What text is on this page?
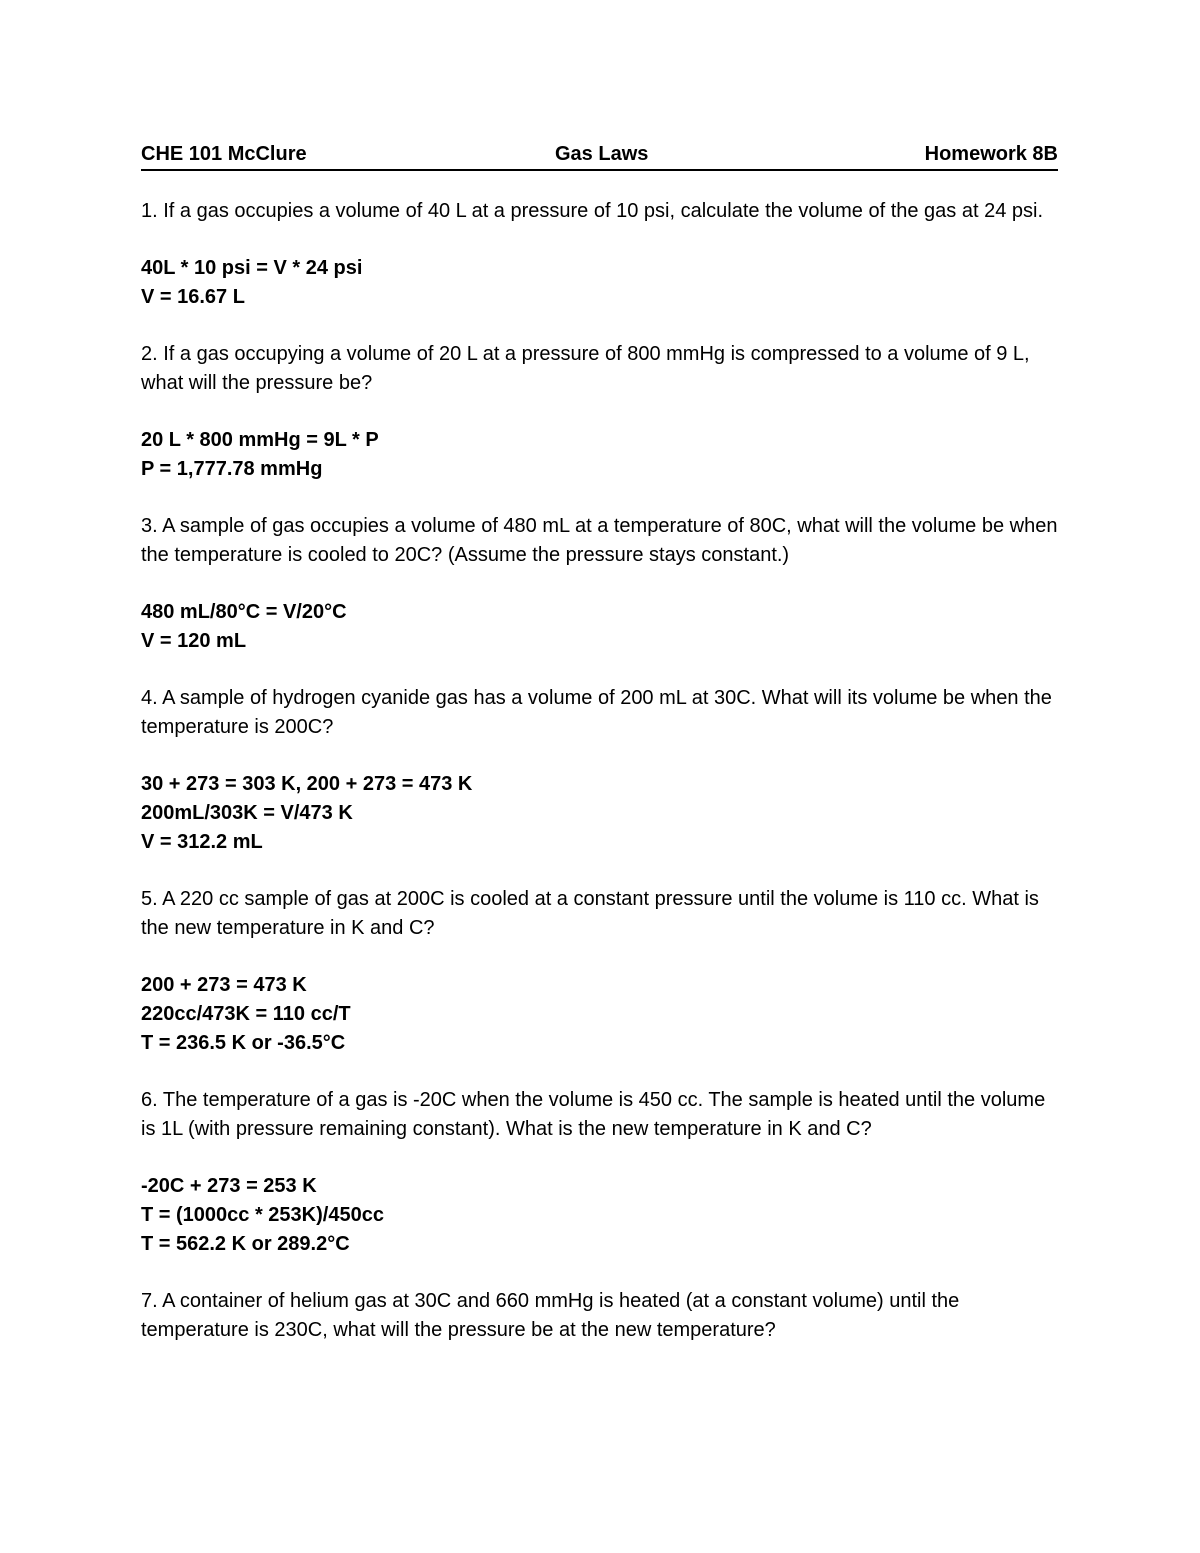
CHE 101 McClure	Gas Laws	Homework 8B

1. If a gas occupies a volume of 40 L at a pressure of 10 psi, calculate the volume of the gas at 24 psi.

40L * 10 psi = V * 24 psi
V = 16.67 L

2. If a gas occupying a volume of 20 L at a pressure of 800 mmHg is compressed to a volume of 9 L, what will the pressure be?

20 L * 800 mmHg = 9L * P
P = 1,777.78 mmHg

3. A sample of gas occupies a volume of 480 mL at a temperature of 80C, what will the volume be when the temperature is cooled to 20C? (Assume the pressure stays constant.)

480 mL/80°C = V/20°C
V = 120 mL

4. A sample of hydrogen cyanide gas has a volume of 200 mL at 30C. What will its volume be when the temperature is 200C?

30 + 273 = 303 K, 200 + 273 = 473 K
200mL/303K = V/473 K
V = 312.2 mL

5. A 220 cc sample of gas at 200C is cooled at a constant pressure until the volume is 110 cc. What is the new temperature in K and C?

200 + 273 = 473 K
220cc/473K = 110 cc/T
T = 236.5 K or -36.5°C

6. The temperature of a gas is -20C when the volume is 450 cc. The sample is heated until the volume is 1L (with pressure remaining constant). What is the new temperature in K and C?

-20C + 273 = 253 K
T = (1000cc * 253K)/450cc
T = 562.2 K or 289.2°C

7. A container of helium gas at 30C and 660 mmHg is heated (at a constant volume) until the temperature is 230C, what will the pressure be at the new temperature?
